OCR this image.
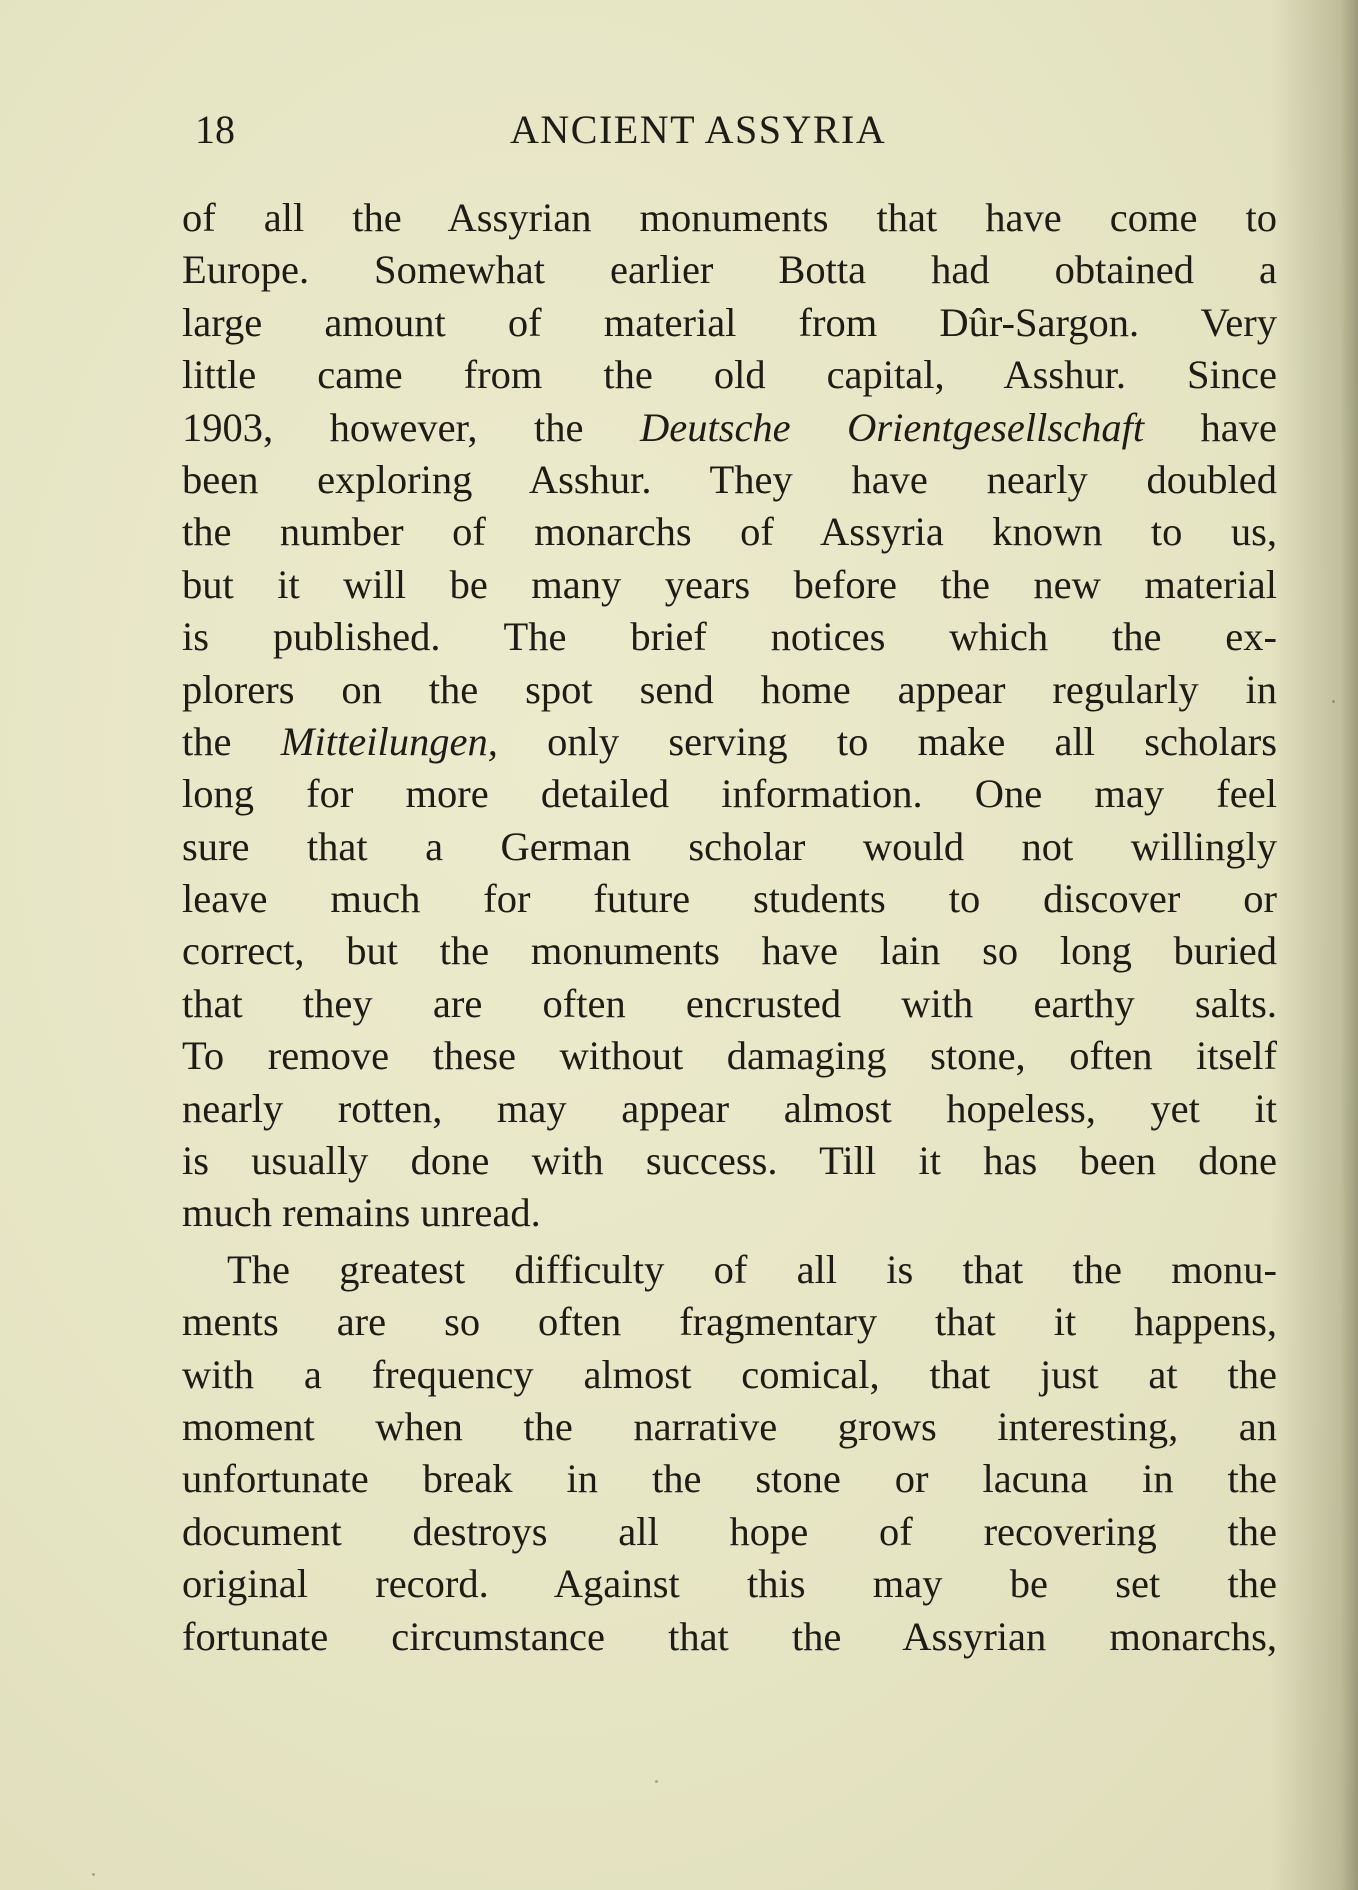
18	ANCIENT ASSYRIA
of all the Assyrian monuments that have come to
Europe. Somewhat earlier Botta had obtained a
large amount of material from Dûr-Sargon. Very
little came from the old capital, Asshur. Since
1903, however, the Deutsche Orientgesellschaft have
been exploring Asshur. They have nearly doubled
the number of monarchs of Assyria known to us,
but it will be many years before the new material
is published. The brief notices which the ex-
plorers on the spot send home appear regularly in
the Mitteilungen, only serving to make all scholars
long for more detailed information. One may feel
sure that a German scholar would not willingly
leave much for future students to discover or
correct, but the monuments have lain so long buried
that they are often encrusted with earthy salts.
To remove these without damaging stone, often itself
nearly rotten, may appear almost hopeless, yet it
is usually done with success. Till it has been done
much remains unread.
The greatest difficulty of all is that the monu-
ments are so often fragmentary that it happens,
with a frequency almost comical, that just at the
moment when the narrative grows interesting, an
unfortunate break in the stone or lacuna in the
document destroys all hope of recovering the
original record. Against this may be set the
fortunate circumstance that the Assyrian monarchs,
